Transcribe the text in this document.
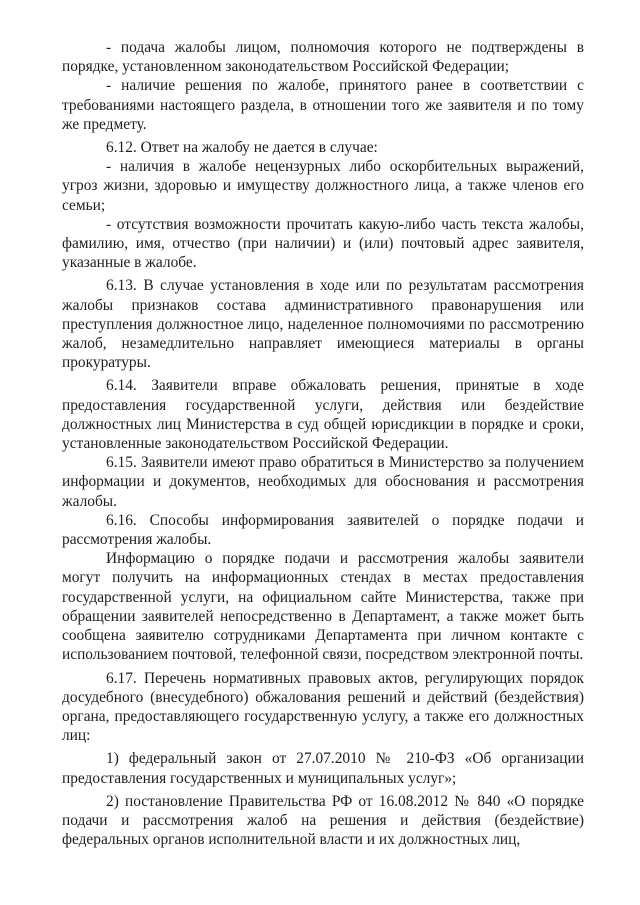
- подача жалобы лицом, полномочия которого не подтверждены в порядке, установленном законодательством Российской Федерации;

- наличие решения по жалобе, принятого ранее в соответствии с требованиями настоящего раздела, в отношении того же заявителя и по тому же предмету.

6.12. Ответ на жалобу не дается в случае:

- наличия в жалобе нецензурных либо оскорбительных выражений, угроз жизни, здоровью и имуществу должностного лица, а также членов его семьи;

- отсутствия возможности прочитать какую-либо часть текста жалобы, фамилию, имя, отчество (при наличии) и (или) почтовый адрес заявителя, указанные в жалобе.

6.13. В случае установления в ходе или по результатам рассмотрения жалобы признаков состава административного правонарушения или преступления должностное лицо, наделенное полномочиями по рассмотрению жалоб, незамедлительно направляет имеющиеся материалы в органы прокуратуры.

6.14. Заявители вправе обжаловать решения, принятые в ходе предоставления государственной услуги, действия или бездействие должностных лиц Министерства в суд общей юрисдикции в порядке и сроки, установленные законодательством Российской Федерации.

6.15. Заявители имеют право обратиться в Министерство за получением информации и документов, необходимых для обоснования и рассмотрения жалобы.

6.16. Способы информирования заявителей о порядке подачи и рассмотрения жалобы.

Информацию о порядке подачи и рассмотрения жалобы заявители могут получить на информационных стендах в местах предоставления государственной услуги, на официальном сайте Министерства, также при обращении заявителей непосредственно в Департамент, а также может быть сообщена заявителю сотрудниками Департамента при личном контакте с использованием почтовой, телефонной связи, посредством электронной почты.

6.17. Перечень нормативных правовых актов, регулирующих порядок досудебного (внесудебного) обжалования решений и действий (бездействия) органа, предоставляющего государственную услугу, а также его должностных лиц:

1) федеральный закон от 27.07.2010 № 210-ФЗ «Об организации предоставления государственных и муниципальных услуг»;

2) постановление Правительства РФ от 16.08.2012 № 840 «О порядке подачи и рассмотрения жалоб на решения и действия (бездействие) федеральных органов исполнительной власти и их должностных лиц,
